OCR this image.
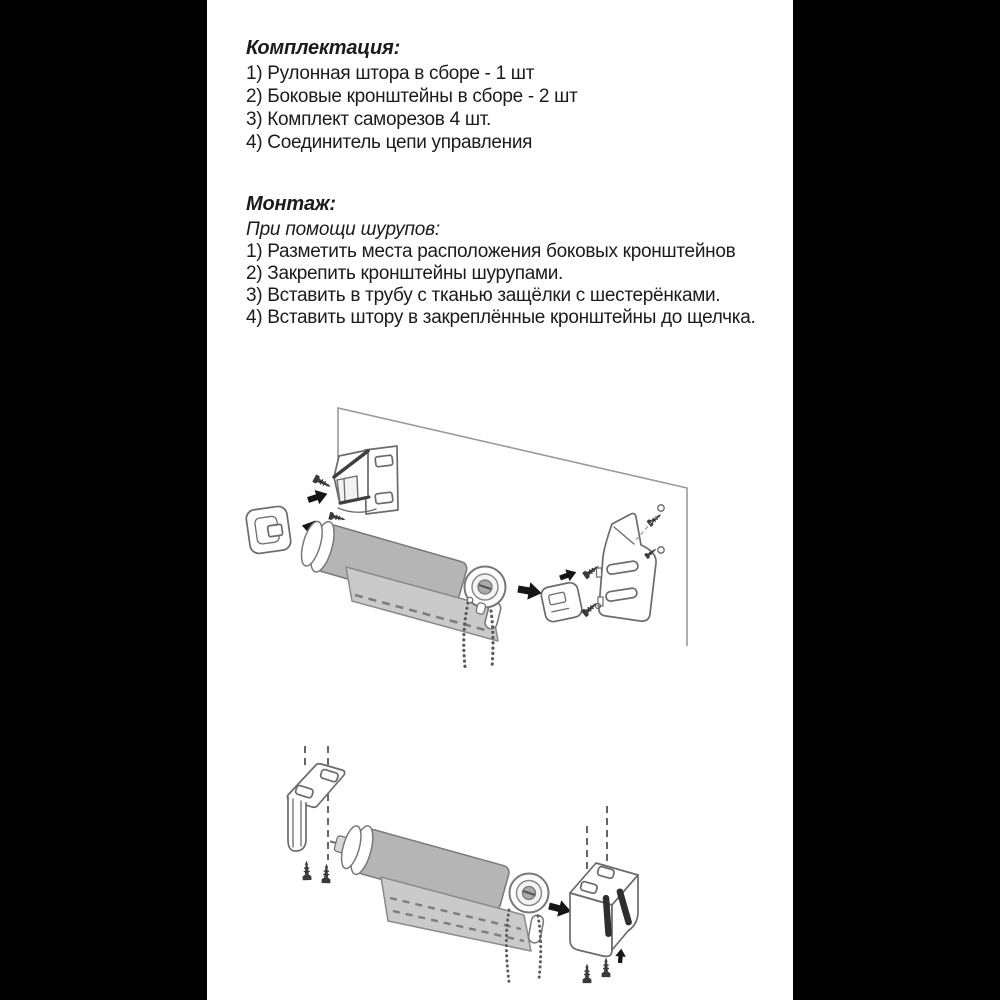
Комплектация:
1) Рулонная штора в сборе - 1 шт
2) Боковые кронштейны в сборе - 2 шт
3) Комплект саморезов 4 шт.
4) Соединитель цепи управления
Монтаж:
При помощи шурупов:
1) Разметить места расположения боковых кронштейнов
2) Закрепить кронштейны шурупами.
3) Вставить в трубу с тканью защёлки с шестерёнками.
4) Вставить штору в закреплённые кронштейны до щелчка.
